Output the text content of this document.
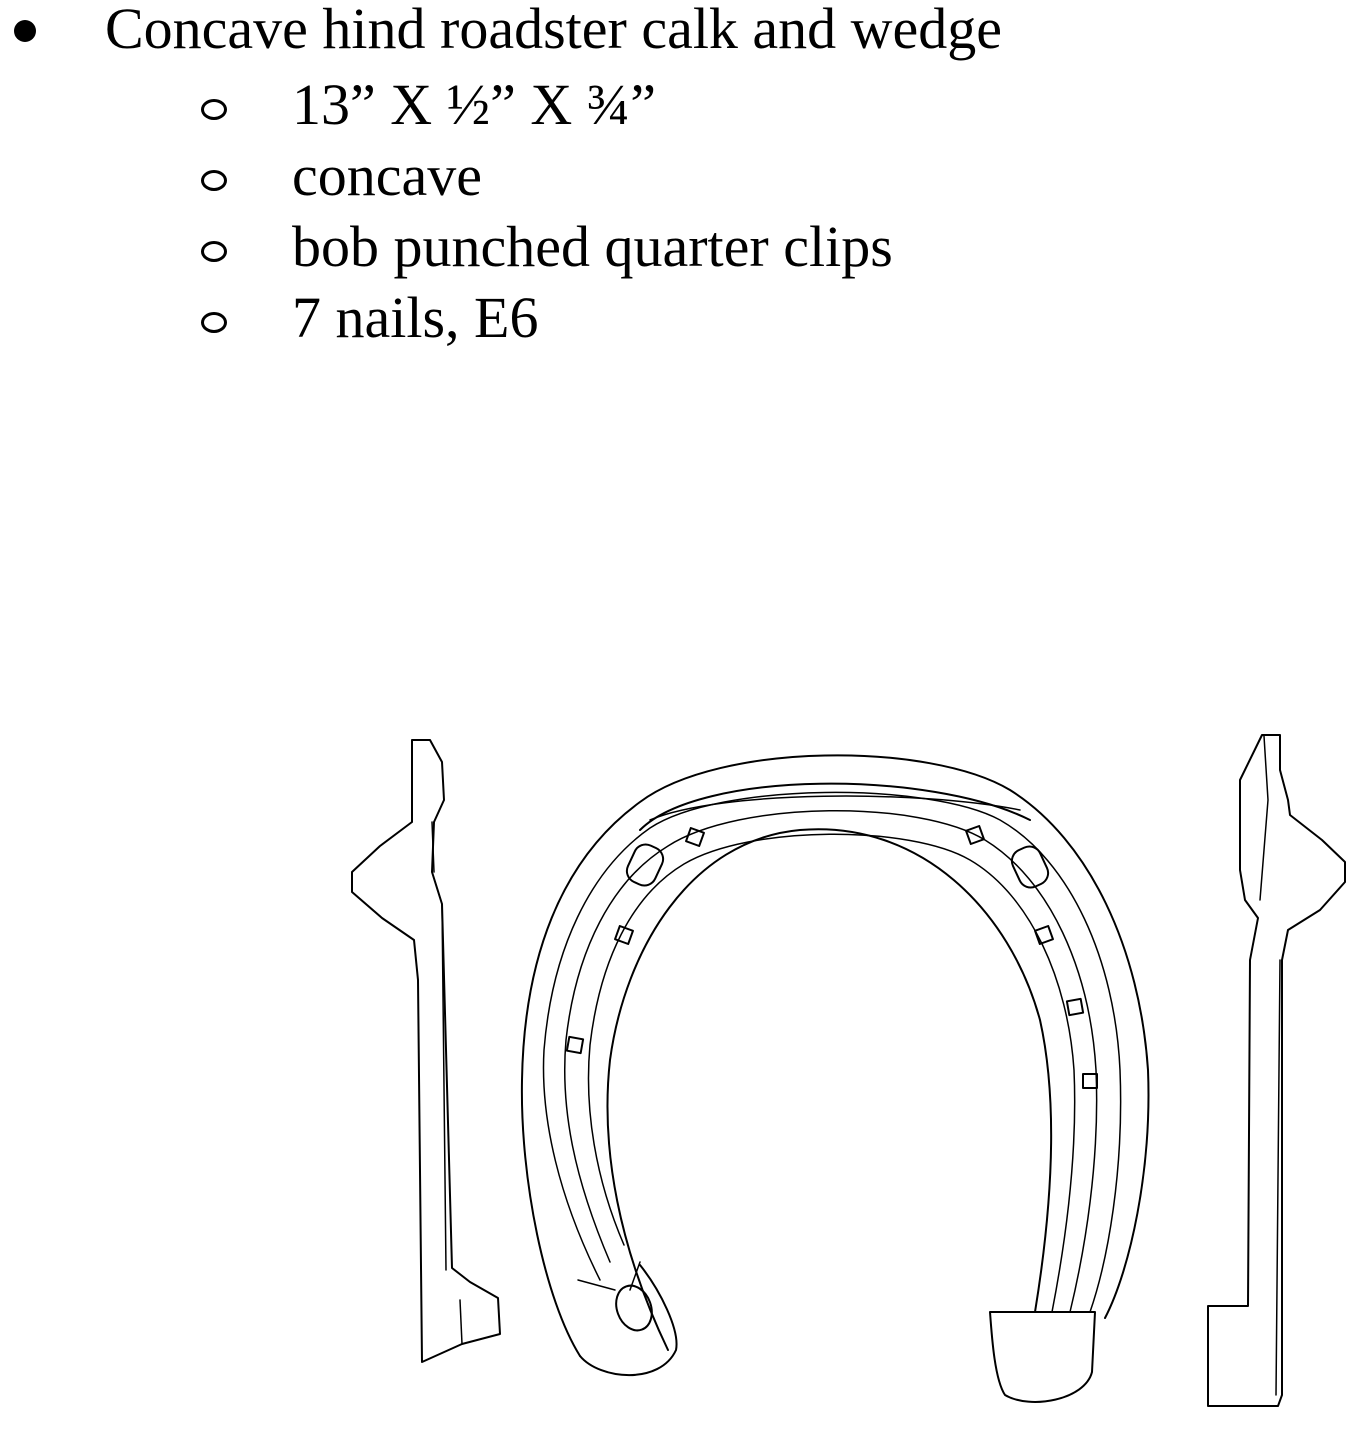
Concave hind roadster calk and wedge
13” X ½” X ¾”
concave
bob punched quarter clips
7 nails, E6
